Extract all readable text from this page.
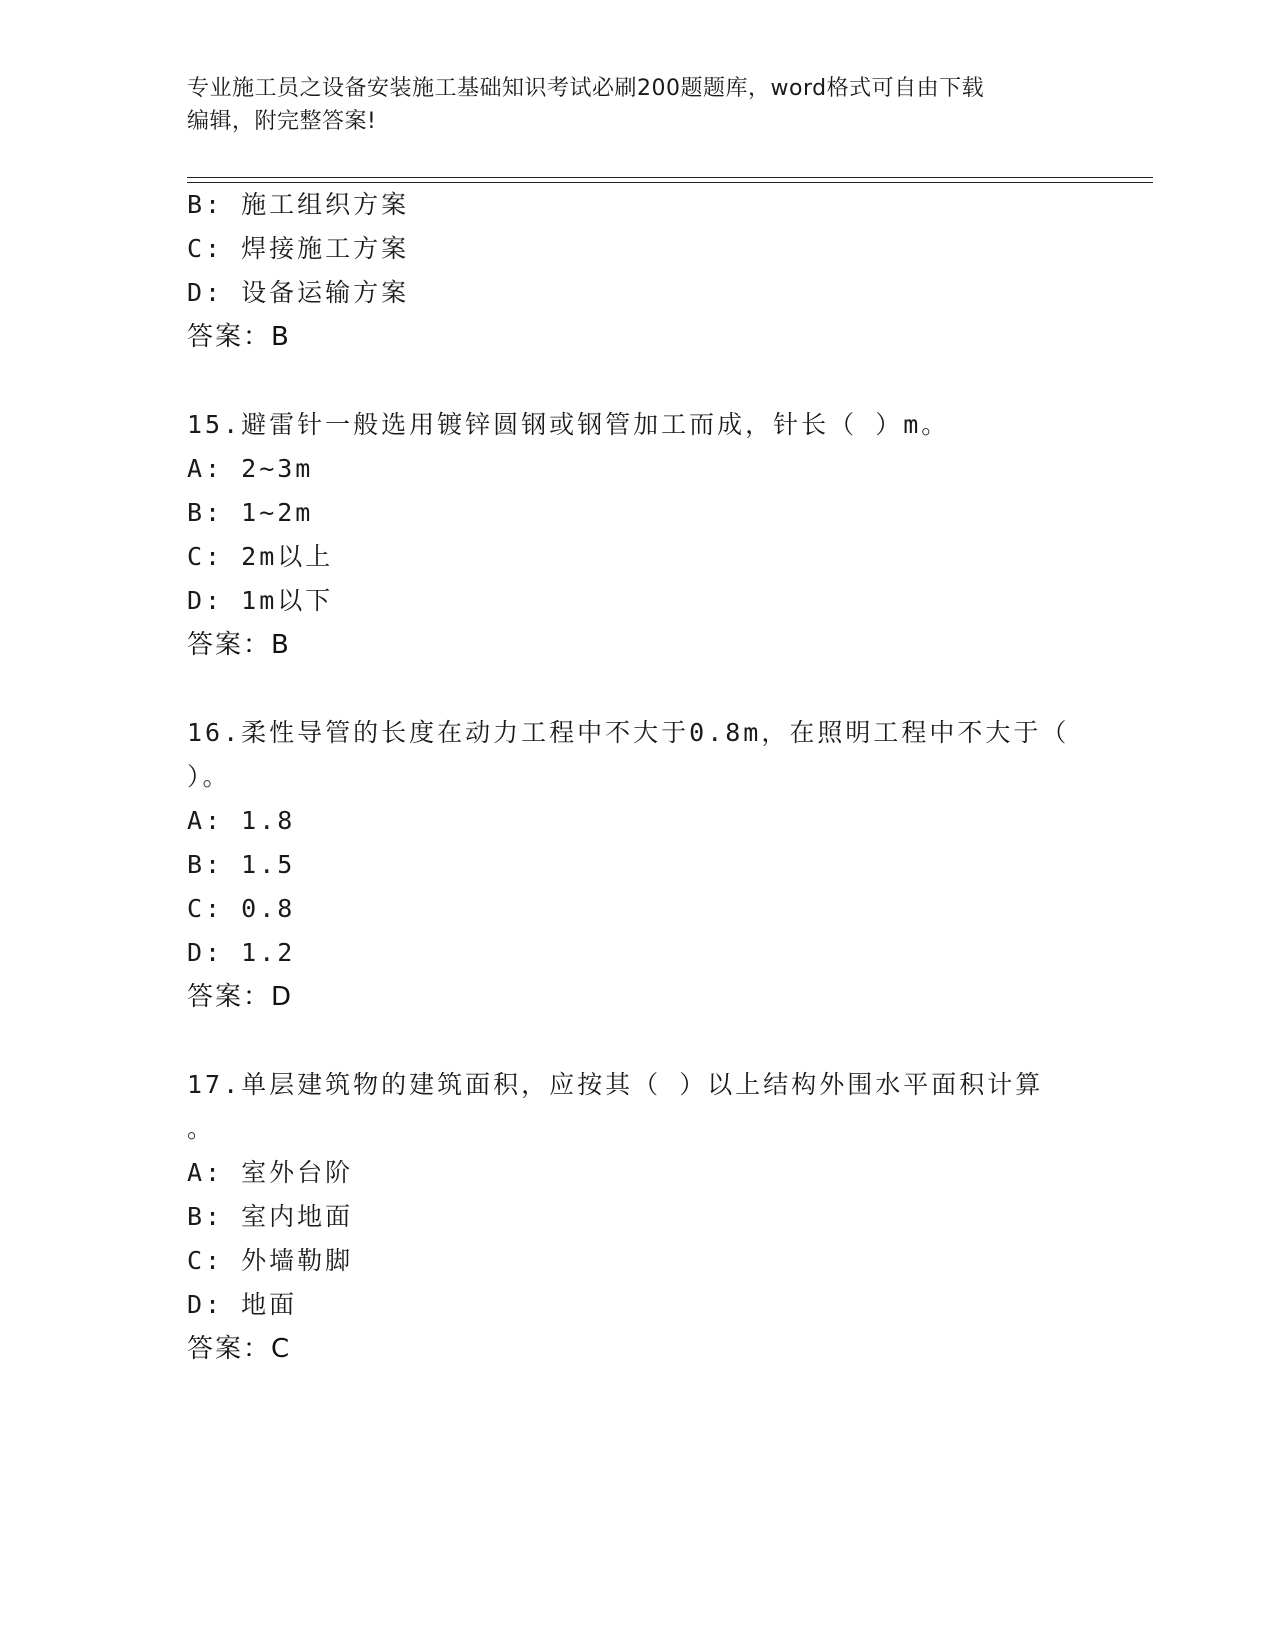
专业施工员之设备安装施工基础知识考试必刷200题题库，word格式可自由下载
编辑，附完整答案!
B: 施工组织方案
C: 焊接施工方案
D: 设备运输方案
答案：B
15.避雷针一般选用镀锌圆钢或钢管加工而成，针长（ ）m。
A: 2~3m
B: 1~2m
C: 2m以上
D: 1m以下
答案：B
16.柔性导管的长度在动力工程中不大于0.8m，在照明工程中不大于（
）。
A: 1.8
B: 1.5
C: 0.8
D: 1.2
答案：D
17.单层建筑物的建筑面积，应按其（ ）以上结构外围水平面积计算
。
A: 室外台阶
B: 室内地面
C: 外墙勒脚
D: 地面
答案：C
